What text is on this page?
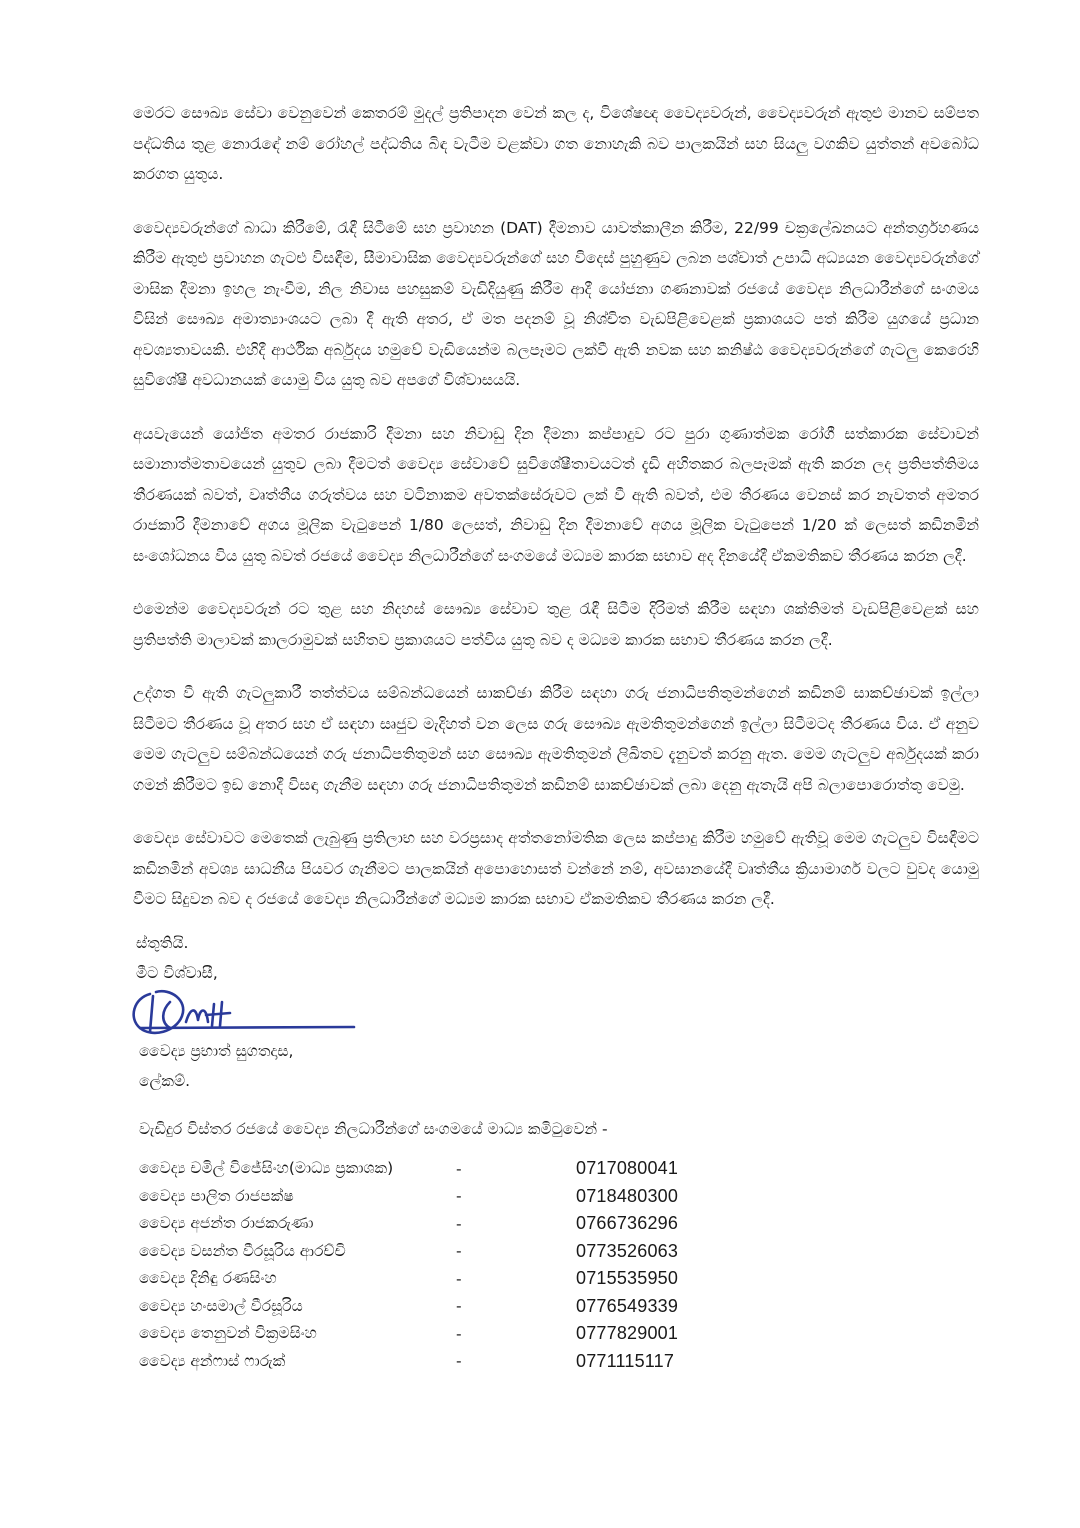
මෙරට සෞඛ්‍ය සේවා වෙනුවෙන් කෙතරම් මුදල් ප්‍රතිපාදන වෙන් කල ද, විශේෂඥ වෛද්‍යවරුන්, වෛද්‍යවරුන් ඇතුළු මානව සම්පත පද්ධතිය තුළ නොරැඳේ නම් රෝහල් පද්ධතිය බිඳ වැටීම වළක්වා ගත නොහැකි බව පාලකයින් සහ සියලු වගකිව යුත්තන් අවබෝධ කරගත යුතුය.

වෛද්‍යවරුන්ගේ බාධා කිරීමේ, රැඳී සිටීමේ සහ ප්‍රවාහන (DAT) දීමනාව යාවත්කාලීන කිරීම, 22/99 චක්‍රලේඛනයට අන්තර්ග්‍රහණය කිරීම ඇතුළු ප්‍රවාහන ගැටළු විසඳීම, සීමාවාසික වෛද්‍යවරුන්ගේ සහ විදෙස් පුහුණුව ලබන පශ්චාත් උපාධි අධ්‍යයන වෛද්‍යවරුන්ගේ මාසික දීමනා ඉහල නැංවීම, නිල නිවාස පහසුකම් වැඩිදියුණු කිරීම ආදී යෝජනා ගණනාවක් රජයේ වෛද්‍ය නිලධාරීන්ගේ සංගමය විසින් සෞඛ්‍ය අමාත්‍යාංශයට ලබා දී ඇති අතර, ඒ මත පදනම් වූ නිශ්චිත වැඩපිළිවෙළක් ප්‍රකාශයට පත් කිරීම යුගයේ ප්‍රධාන අවශ්‍යතාවයකි. එහිදී ආර්ථික අර්බුදය හමුවේ වැඩියෙන්ම බලපෑමට ලක්වී ඇති නවක සහ කනිෂ්ඨ වෛද්‍යවරුන්ගේ ගැටලු කෙරෙහි සුවිශේෂී අවධානයක් යොමු විය යුතු බව අපගේ විශ්වාසයයි.

අයවැයෙන් යෝජිත අමතර රාජකාරි දීමනා සහ නිවාඩු දින දීමනා කප්පාදුව රට පුරා ගුණාත්මක රෝගී සත්කාරක සේවාවන් සමානාත්මතාවයෙන් යුතුව ලබා දීමටත් වෛද්‍ය සේවාවේ සුවිශේෂීතාවයටත් දැඩි අහිතකර බලපෑමක් ඇති කරන ලද ප්‍රතිපත්තිමය තීරණයක් බවත්, වෘත්තීය ගරුත්වය සහ වටිනාකම අවතක්සේරුවට ලක් වී ඇති බවත්, එම තීරණය වෙනස් කර නැවතත් අමතර රාජකාරි දීමනාවේ අගය මූලික වැටුපෙන් 1/80 ලෙසත්, නිවාඩු දින දීමනාවේ අගය මූලික වැටුපෙන් 1/20 ක් ලෙසත් කඩිනමින් සංශෝධනය විය යුතු බවත් රජයේ වෛද්‍ය නිලධාරීන්ගේ සංගමයේ මධ්‍යම කාරක සභාව අද දිනයේදී ඒකමතිකව තීරණය කරන ලදී.

එමෙන්ම වෛද්‍යවරුන් රට තුළ සහ නිදහස් සෞඛ්‍ය සේවාව තුළ රැඳී සිටීම දිරිමත් කිරීම සඳහා ශක්තිමත් වැඩපිළිවෙළක් සහ ප්‍රතිපත්ති මාලාවක් කාලරාමුවක් සහිතව ප්‍රකාශයට පත්විය යුතු බව ද මධ්‍යම කාරක සභාව තීරණය කරන ලදී.

උද්ගත වී ඇති ගැටලුකාරී තත්ත්වය සම්බන්ධයෙන් සාකච්ඡා කිරීම සඳහා ගරු ජනාධිපතිතුමන්ගෙන් කඩිනම් සාකච්ඡාවක් ඉල්ලා සිටීමට තීරණය වූ අතර සහ ඒ සඳහා සෘජුව මැදිහත් වන ලෙස ගරු සෞඛ්‍ය ඇමතිතුමන්ගෙන් ඉල්ලා සිටීමටද තීරණය විය. ඒ අනුව මෙම ගැටලුව සම්බන්ධයෙන් ගරු ජනාධිපතිතුමන් සහ සෞඛ්‍ය ඇමතිතුමන් ලිඛිතව දැනුවත් කරනු ඇත. මෙම ගැටලුව අර්බුදයක් කරා ගමන් කිරීමට ඉඩ නොදී විසඳා ගැනීම සඳහා ගරු ජනාධිපතිතුමන් කඩිනම් සාකච්ඡාවක් ලබා දෙනු ඇතැයි අපි බලාපොරොත්තු වෙමු.

වෛද්‍ය සේවාවට මෙතෙක් ලැබුණු ප්‍රතිලාභ සහ වරප්‍රසාද අත්තනෝමතික ලෙස කප්පාදු කිරීම හමුවේ ඇතිවූ මෙම ගැටලුව විසඳීමට කඩිනමින් අවශ්‍ය සාධනීය පියවර ගැනීමට පාලකයින් අපොහොසත් වන්නේ නම්, අවසානයේදී වෘත්තීය ක්‍රියාමාර්ග වලට වුවද යොමු වීමට සිදුවන බව ද රජයේ වෛද්‍ය නිලධාරීන්ගේ මධ්‍යම කාරක සභාව ඒකමතිකව තීරණය කරන ලදී.

ස්තුතියි.
මීට විශ්වාසී,
වෛද්‍ය ප්‍රභාත් සුගතදාස,
ලේකම්.
වැඩිදුර විස්තර රජයේ වෛද්‍ය නිලධාරීන්ගේ සංගමයේ මාධ්‍ය කමිටුවෙන් -
වෛද්‍ය චමිල් විජේසිංහ(මාධ්‍ය ප්‍රකාශක)	-	0717080041
වෛද්‍ය පාලිත රාජපක්ෂ	-	0718480300
වෛද්‍ය අජන්ත රාජකරුණා	-	0766736296
වෛද්‍ය වසන්ත වීරසූරිය ආරච්චි	-	0773526063
වෛද්‍ය දිනිඳු රණසිංහ	-	0715535950
වෛද්‍ය හංසමාල් වීරසූරිය	-	0776549339
වෛද්‍ය තෙනුවන් වික්‍රමසිංහ	-	0777829001
වෛද්‍ය අන්ෆාස් ෆාරුක්	-	0771115117
